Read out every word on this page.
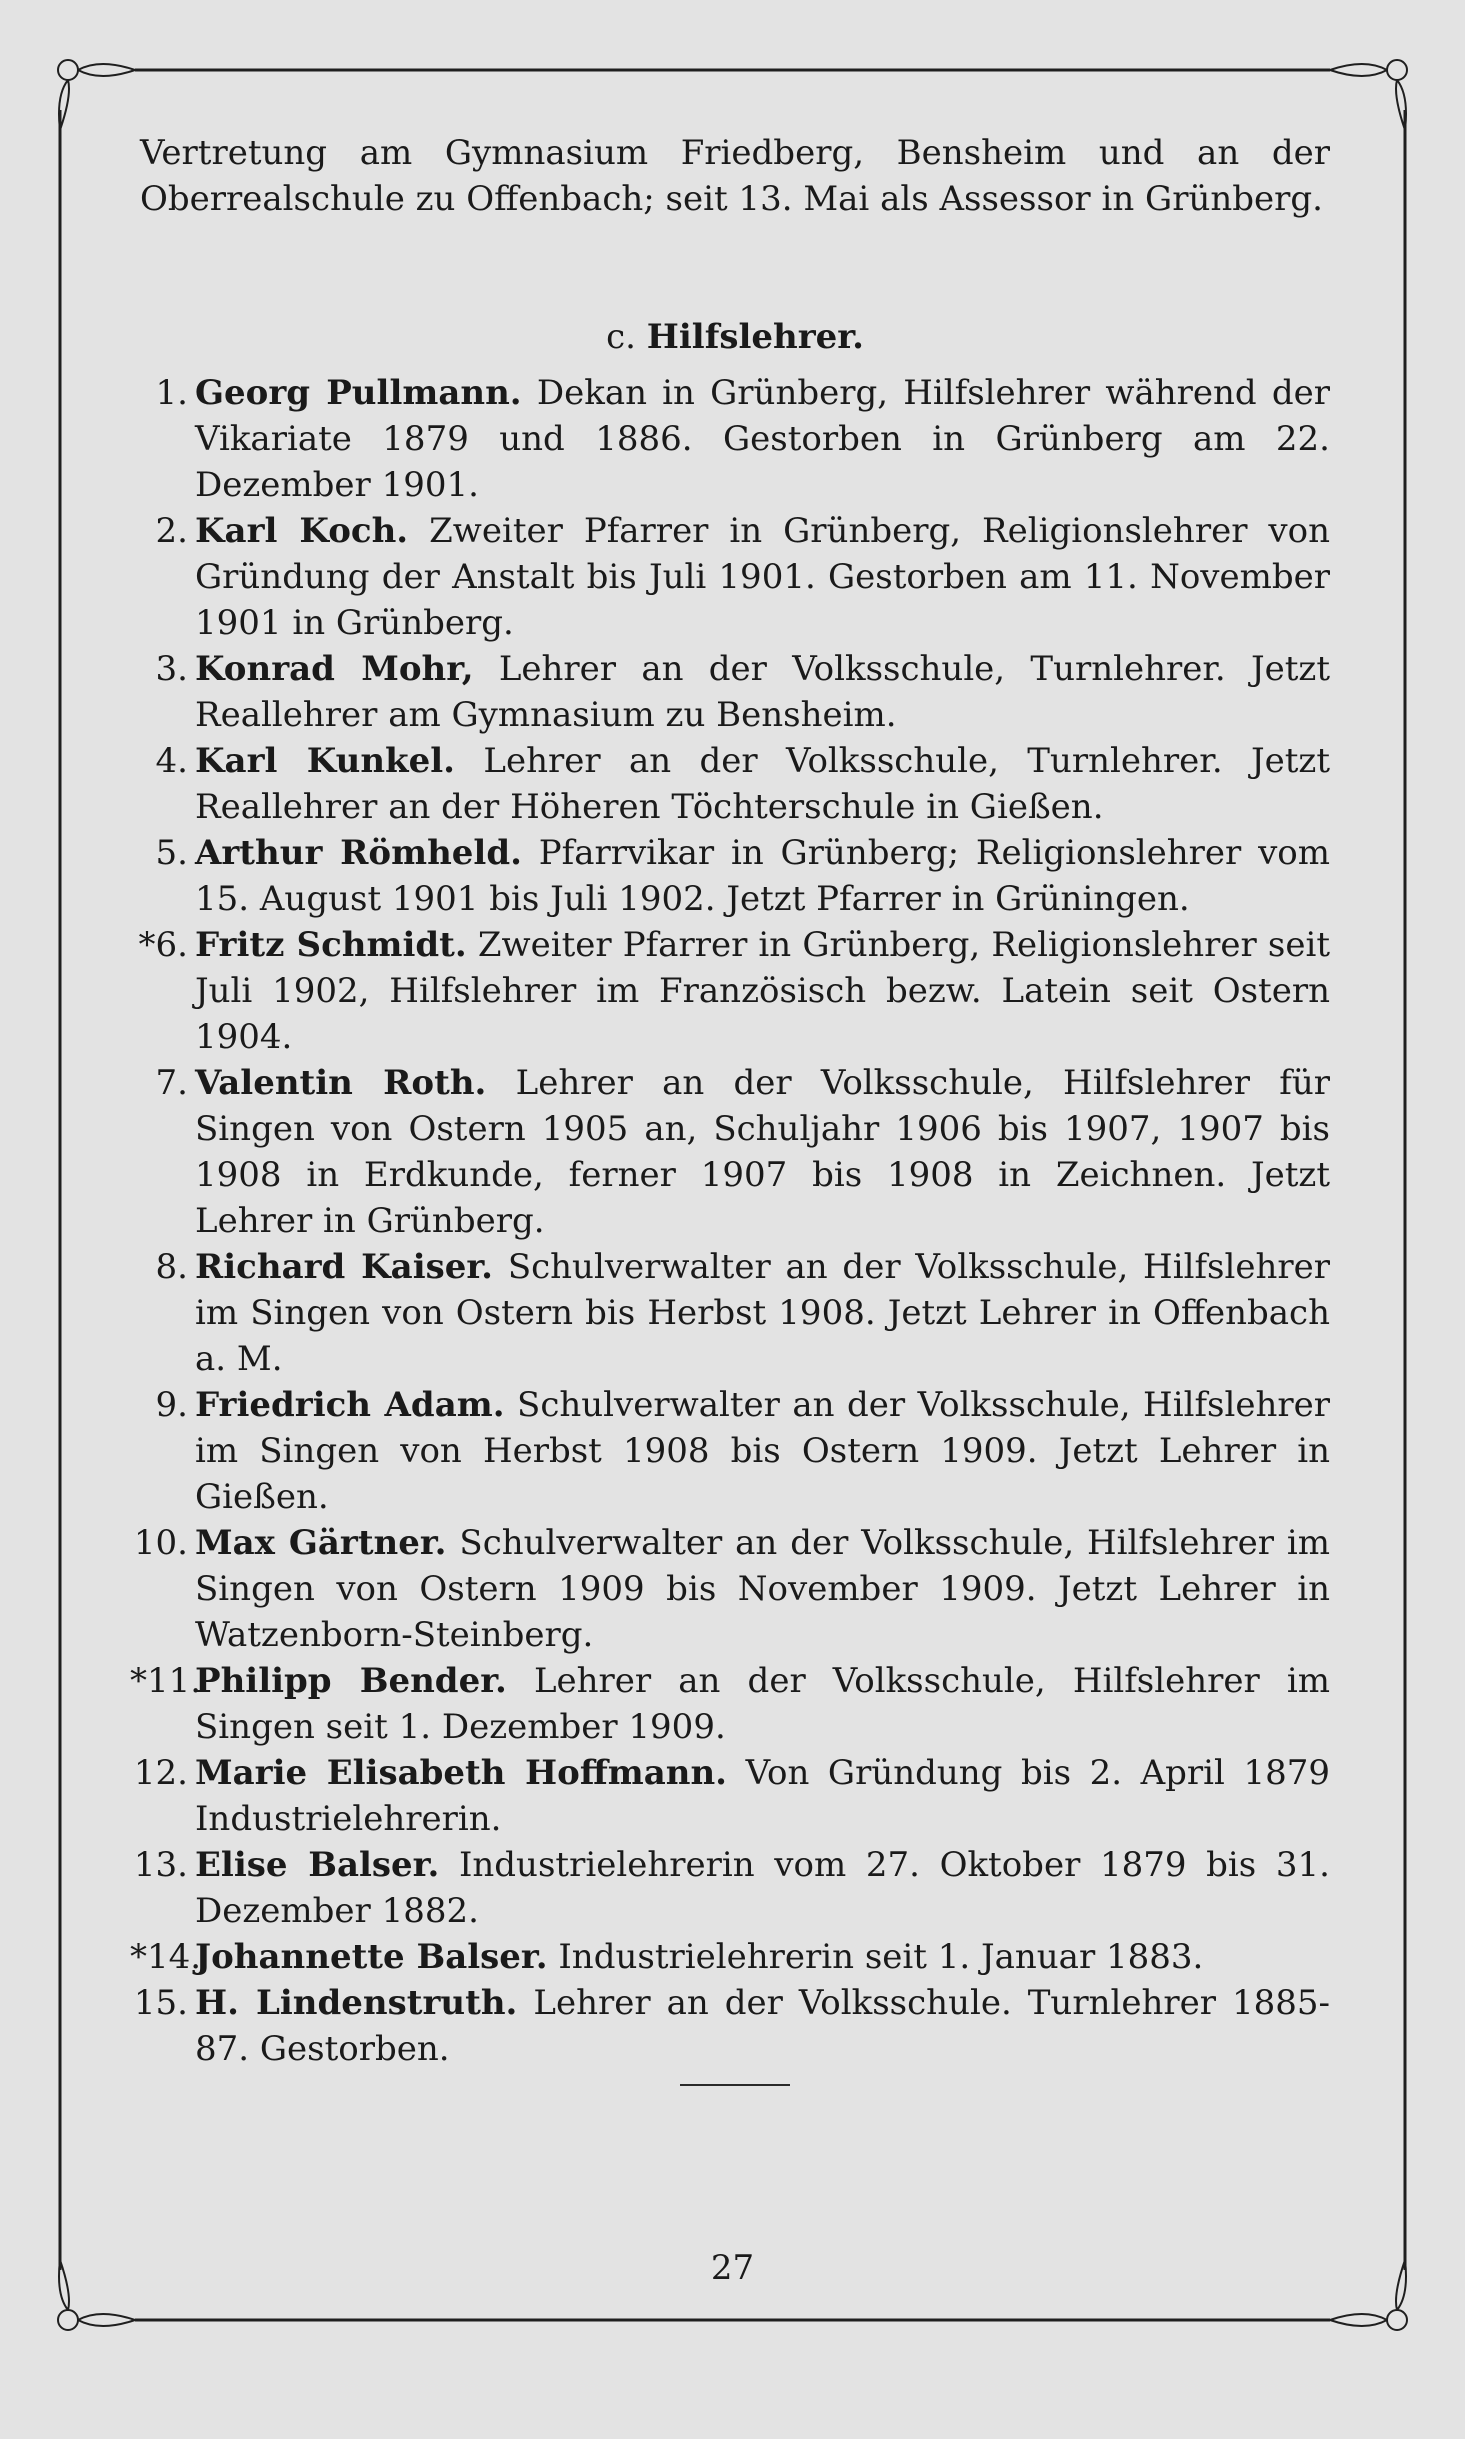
Vertretung am Gymnasium Friedberg, Bensheim und an der Oberrealschule zu Offenbach; seit 13. Mai als Assessor in Grünberg.

c. Hilfslehrer.

1. Georg Pullmann. Dekan in Grünberg, Hilfslehrer während der Vikariate 1879 und 1886. Gestorben in Grünberg am 22. Dezember 1901.

2. Karl Koch. Zweiter Pfarrer in Grünberg, Religionslehrer von Gründung der Anstalt bis Juli 1901. Gestorben am 11. November 1901 in Grünberg.

3. Konrad Mohr, Lehrer an der Volksschule, Turnlehrer. Jetzt Reallehrer am Gymnasium zu Bensheim.

4. Karl Kunkel. Lehrer an der Volksschule, Turnlehrer. Jetzt Reallehrer an der Höheren Töchterschule in Gießen.

5. Arthur Römheld. Pfarrvikar in Grünberg; Religionslehrer vom 15. August 1901 bis Juli 1902. Jetzt Pfarrer in Grüningen.

*6. Fritz Schmidt. Zweiter Pfarrer in Grünberg, Religionslehrer seit Juli 1902, Hilfslehrer im Französisch bezw. Latein seit Ostern 1904.

7. Valentin Roth. Lehrer an der Volksschule, Hilfslehrer für Singen von Ostern 1905 an, Schuljahr 1906 bis 1907, 1907 bis 1908 in Erdkunde, ferner 1907 bis 1908 in Zeichnen. Jetzt Lehrer in Grünberg.

8. Richard Kaiser. Schulverwalter an der Volksschule, Hilfslehrer im Singen von Ostern bis Herbst 1908. Jetzt Lehrer in Offenbach a. M.

9. Friedrich Adam. Schulverwalter an der Volksschule, Hilfslehrer im Singen von Herbst 1908 bis Ostern 1909. Jetzt Lehrer in Gießen.

10. Max Gärtner. Schulverwalter an der Volksschule, Hilfslehrer im Singen von Ostern 1909 bis November 1909. Jetzt Lehrer in Watzenborn-Steinberg.

*11.
Philipp Bender. Lehrer an der Volksschule, Hilfslehrer im Singen seit 1. Dezember 1909.

12. Marie Elisabeth Hoffmann. Von Gründung bis 2. April 1879 Industrielehrerin.

13. Elise Balser. Industrielehrerin vom 27. Oktober 1879 bis 31. Dezember 1882.

*14.
Johannette Balser. Industrielehrerin seit 1. Januar 1883.

15. H. Lindenstruth. Lehrer an der Volksschule. Turnlehrer 1885-87. Gestorben.

27
